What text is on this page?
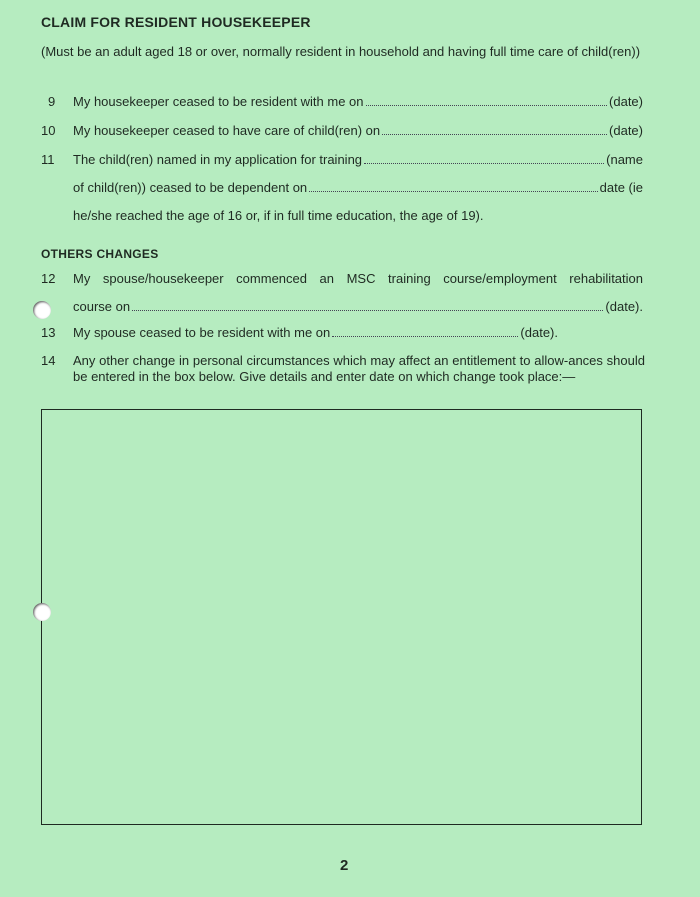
CLAIM FOR RESIDENT HOUSEKEEPER
(Must be an adult aged 18 or over, normally resident in household and having full time care of child(ren))
9 My housekeeper ceased to be resident with me on	(date)
10 My housekeeper ceased to have care of child(ren) on	(date)
11 The child(ren) named in my application for training	(name
of child(ren)) ceased to be dependent on	date (ie
he/she reached the age of 16 or, if in full time education, the age of 19).
OTHERS CHANGES
12 My spouse/housekeeper commenced an MSC training course/employment rehabilitation
course on	(date).
13 My spouse ceased to be resident with me on	(date).
14 Any other change in personal circumstances which may affect an entitlement to allow-ances should be entered in the box below. Give details and enter date on which change took place:—
2
